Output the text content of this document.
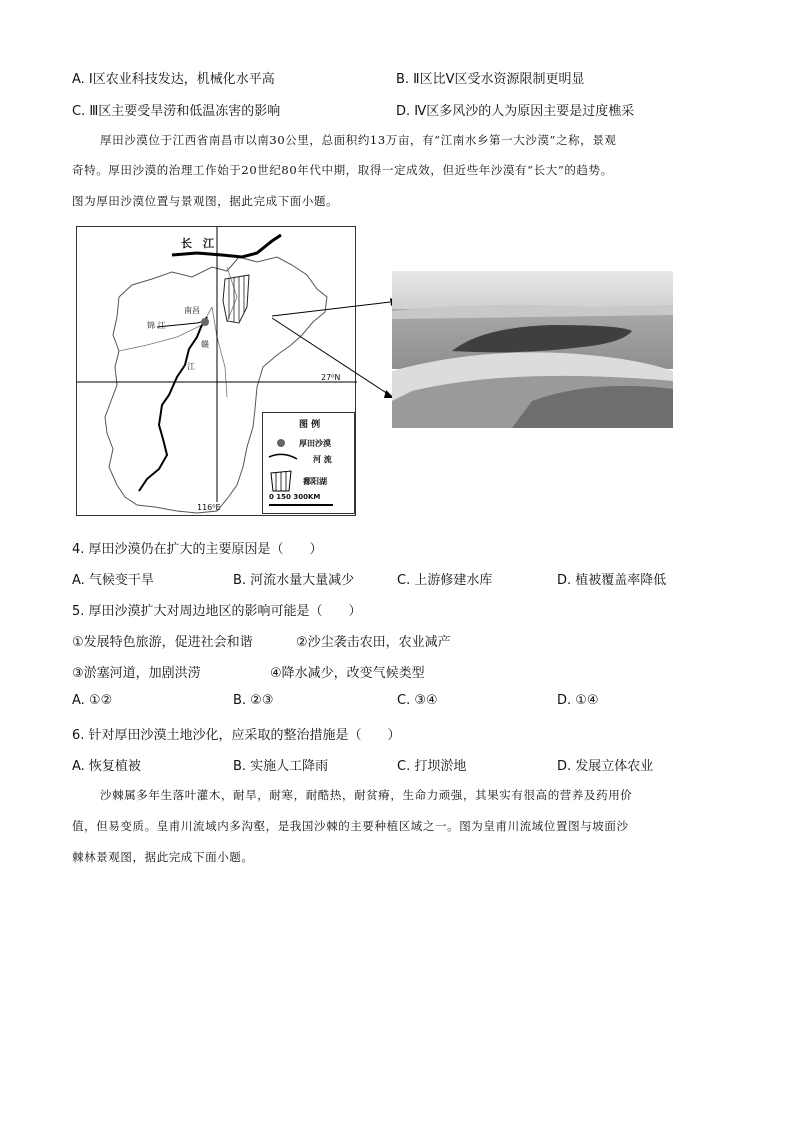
A. Ⅰ区农业科技发达，机械化水平高	B. Ⅱ区比Ⅴ区受水资源限制更明显
C. Ⅲ区主要受旱涝和低温冻害的影响	D. Ⅳ区多风沙的人为原因主要是过度樵采
厚田沙漠位于江西省南昌市以南30公里，总面积约13万亩，有“江南水乡第一大沙漠”之称，景观
奇特。厚田沙漠的治理工作始于20世纪80年代中期，取得一定成效，但近些年沙漠有“长大”的趋势。
图为厚田沙漠位置与景观图，据此完成下面小题。
长　江
南昌
锦 江
赣
江
27⁰N
116⁰E
图 例
厚田沙漠
河 流
鄱阳湖
0 150 300KM
4. 厚田沙漠仍在扩大的主要原因是（　　）
A. 气候变干旱	B. 河流水量大量减少	C. 上游修建水库	D. 植被覆盖率降低
5. 厚田沙漠扩大对周边地区的影响可能是（　　）
①发展特色旅游，促进社会和谐	②沙尘袭击农田，农业减产
③淤塞河道，加剧洪涝	④降水减少，改变气候类型
A. ①②	B. ②③	C. ③④	D. ①④
6. 针对厚田沙漠土地沙化，应采取的整治措施是（　　）
A. 恢复植被	B. 实施人工降雨	C. 打坝淤地	D. 发展立体农业
沙棘属多年生落叶灌木，耐旱，耐寒，耐酷热，耐贫瘠，生命力顽强，其果实有很高的营养及药用价
值，但易变质。皇甫川流域内多沟壑，是我国沙棘的主要种植区域之一。图为皇甫川流域位置图与坡面沙
棘林景观图，据此完成下面小题。
